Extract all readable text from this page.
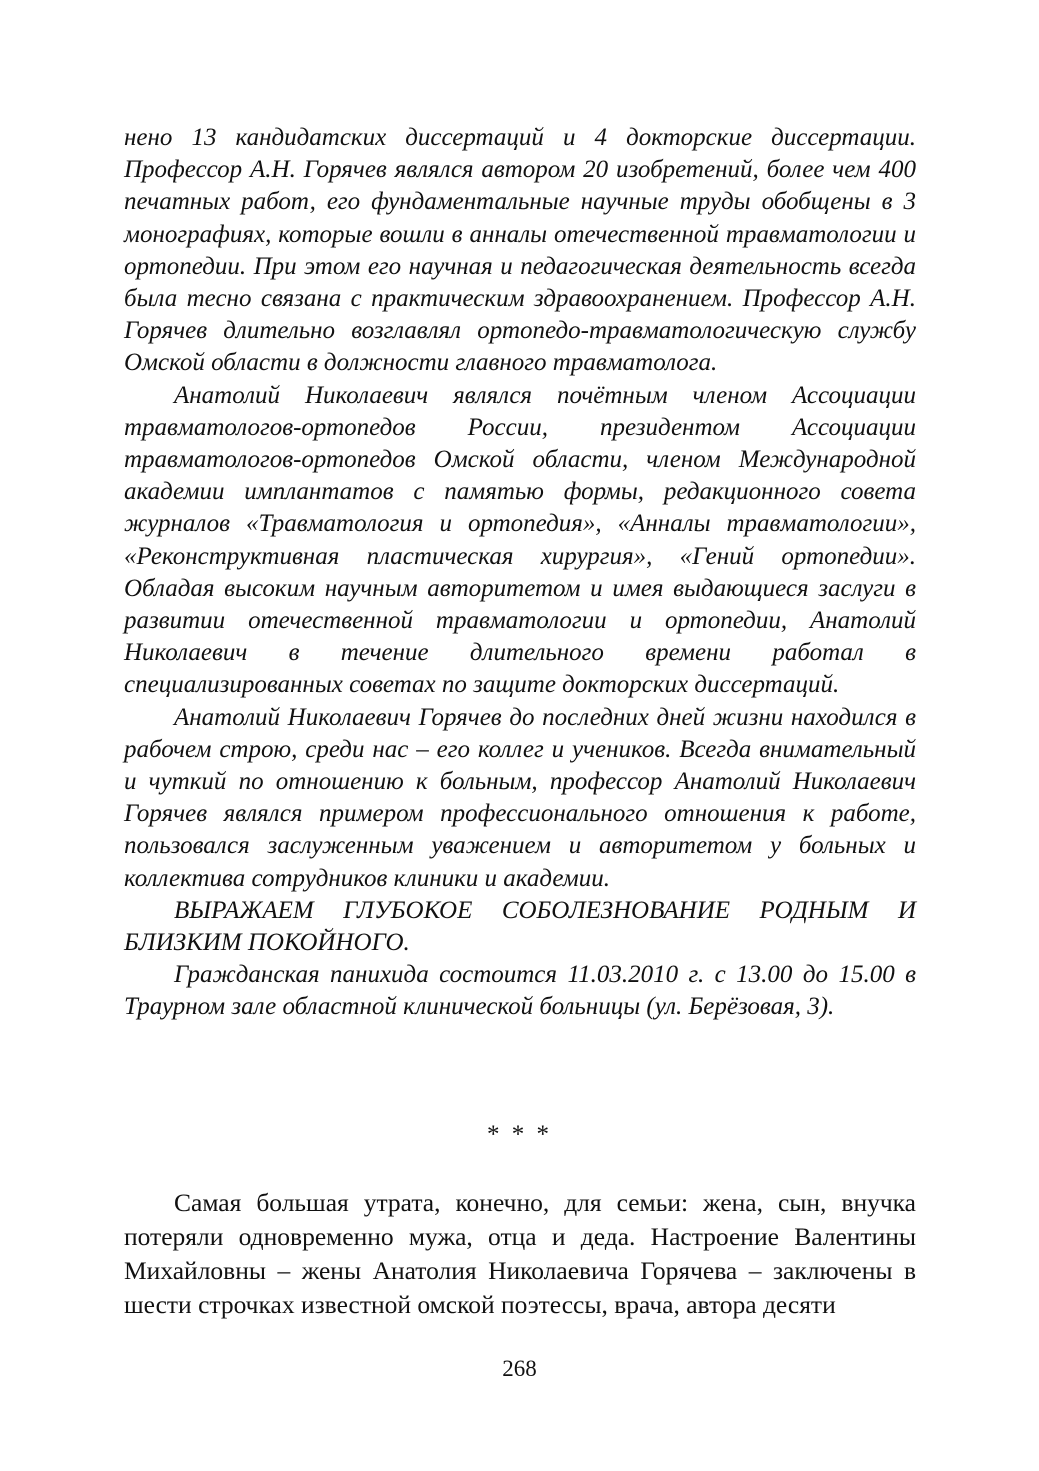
нено 13 кандидатских диссертаций и 4 докторские диссертации. Профессор А.Н. Горячев являлся автором 20 изобретений, более чем 400 печатных работ, его фундаментальные научные труды обобщены в 3 монографиях, которые вошли в анналы отечественной травматологии и ортопедии. При этом его научная и педагогическая деятельность всегда была тесно связана с практическим здравоохранением. Профессор А.Н. Горячев длительно возглавлял ортопедо-травматологическую службу Омской области в должности главного травматолога.

Анатолий Николаевич являлся почётным членом Ассоциации травматологов-ортопедов России, президентом Ассоциации травматологов-ортопедов Омской области, членом Международной академии имплантатов с памятью формы, редакционного совета журналов «Травматология и ортопедия», «Анналы травматологии», «Реконструктивная пластическая хирургия», «Гений ортопедии». Обладая высоким научным авторитетом и имея выдающиеся заслуги в развитии отечественной травматологии и ортопедии, Анатолий Николаевич в течение длительного времени работал в специализированных советах по защите докторских диссертаций.

Анатолий Николаевич Горячев до последних дней жизни находился в рабочем строю, среди нас – его коллег и учеников. Всегда внимательный и чуткий по отношению к больным, профессор Анатолий Николаевич Горячев являлся примером профессионального отношения к работе, пользовался заслуженным уважением и авторитетом у больных и коллектива сотрудников клиники и академии.

ВЫРАЖАЕМ ГЛУБОКОЕ СОБОЛЕЗНОВАНИЕ РОДНЫМ И БЛИЗКИМ ПОКОЙНОГО.

Гражданская панихида состоится 11.03.2010 г. с 13.00 до 15.00 в Траурном зале областной клинической больницы (ул. Берёзовая, 3).

* * *

Самая большая утрата, конечно, для семьи: жена, сын, внучка потеряли одновременно мужа, отца и деда. Настроение Валентины Михайловны – жены Анатолия Николаевича Горячева – заключены в шести строчках известной омской поэтессы, врача, автора десяти

268
